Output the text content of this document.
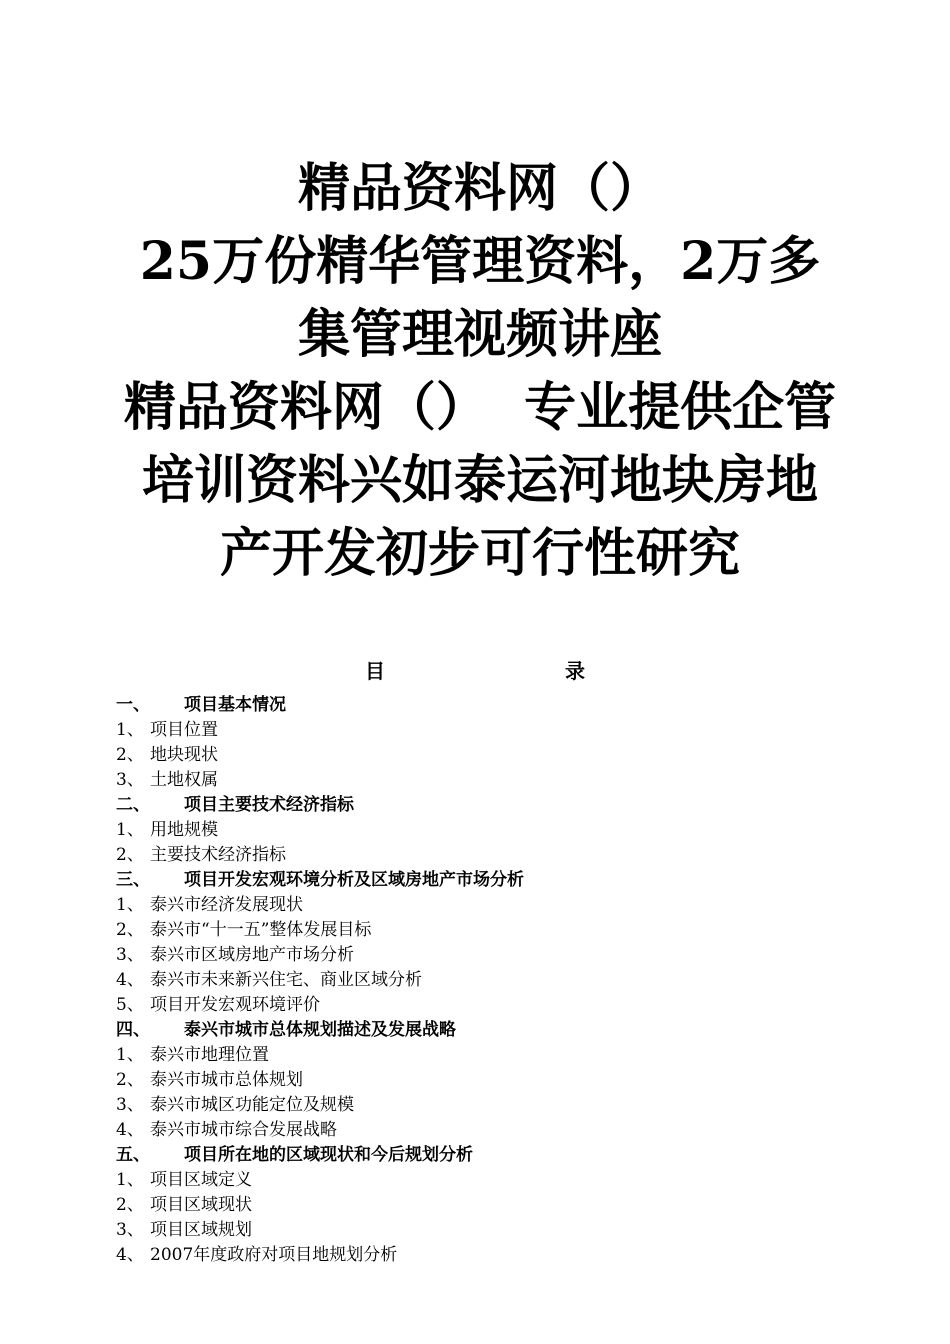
精品资料网（）
25万份精华管理资料，2万多
集管理视频讲座
精品资料网（）  专业提供企管
培训资料兴如泰运河地块房地
产开发初步可行性研究
目	录
一、	项目基本情况
1、 项目位置
2、 地块现状
3、 土地权属
二、	项目主要技术经济指标
1、 用地规模
2、 主要技术经济指标
三、	项目开发宏观环境分析及区域房地产市场分析
1、 泰兴市经济发展现状
2、 泰兴市“十一五”整体发展目标
3、 泰兴市区域房地产市场分析
4、 泰兴市未来新兴住宅、商业区域分析
5、 项目开发宏观环境评价
四、	泰兴市城市总体规划描述及发展战略
1、 泰兴市地理位置
2、 泰兴市城市总体规划
3、 泰兴市城区功能定位及规模
4、 泰兴市城市综合发展战略
五、	项目所在地的区域现状和今后规划分析
1、 项目区域定义
2、 项目区域现状
3、 项目区域规划
4、 2007年度政府对项目地规划分析
